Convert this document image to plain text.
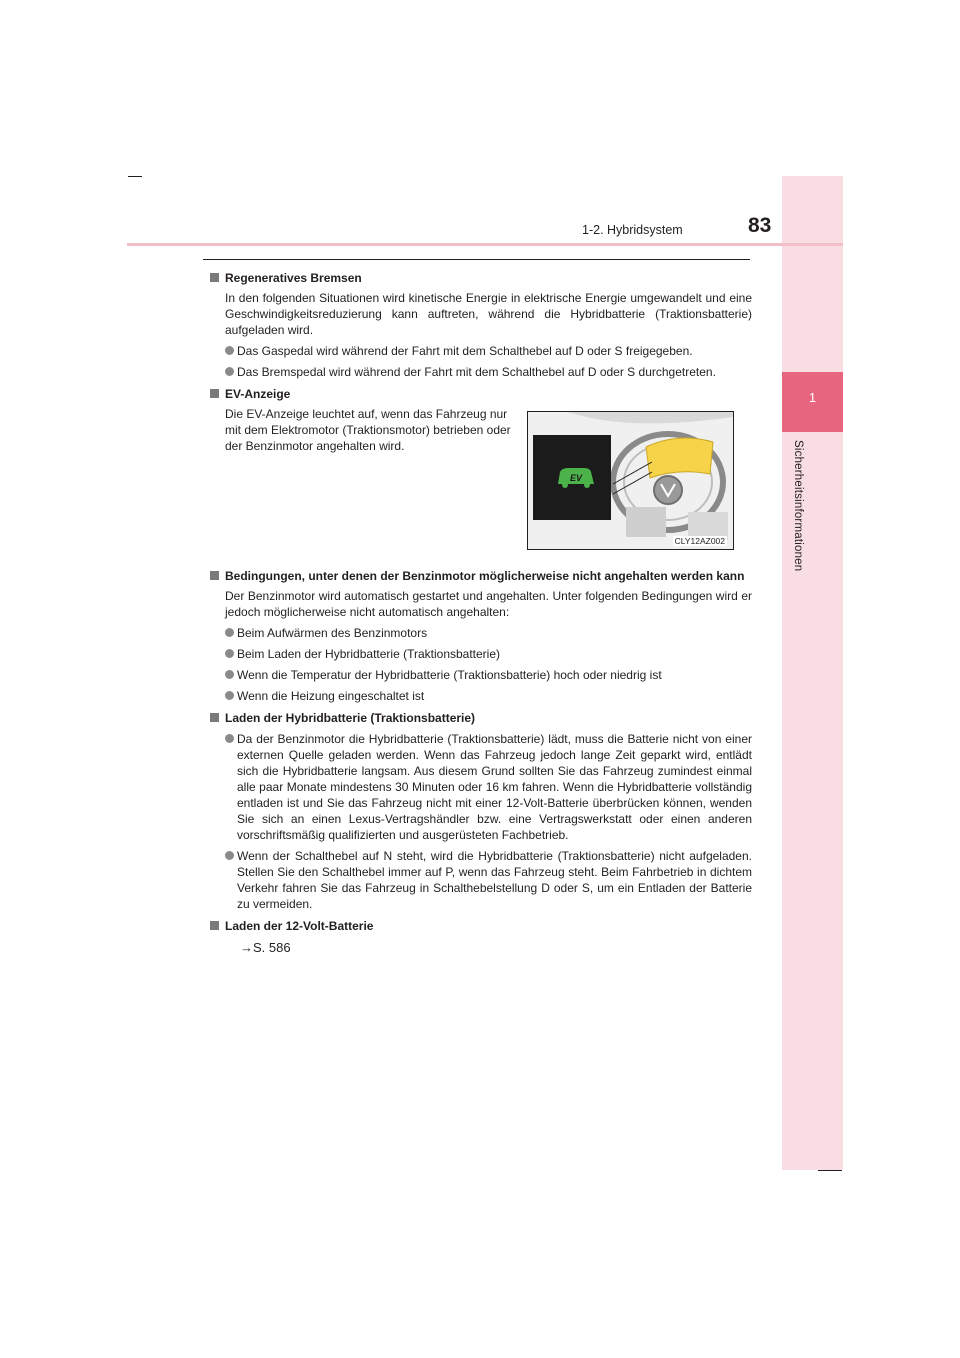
1
Sicherheitsinformationen
1-2. Hybridsystem	83
EV
CLY12AZ002
Regeneratives Bremsen
In den folgenden Situationen wird kinetische Energie in elektrische Energie umgewandelt und eine Geschwindigkeitsreduzierung kann auftreten, während die Hybridbatterie (Traktionsbatterie) aufgeladen wird.
Das Gaspedal wird während der Fahrt mit dem Schalthebel auf D oder S freigegeben.
Das Bremspedal wird während der Fahrt mit dem Schalthebel auf D oder S durchgetreten.
EV-Anzeige
Die EV-Anzeige leuchtet auf, wenn das Fahrzeug nur mit dem Elektromotor (Traktionsmotor) betrieben oder der Benzinmotor angehalten wird.
Bedingungen, unter denen der Benzinmotor möglicherweise nicht angehalten werden kann
Der Benzinmotor wird automatisch gestartet und angehalten. Unter folgenden Bedingungen wird er jedoch möglicherweise nicht automatisch angehalten:
Beim Aufwärmen des Benzinmotors
Beim Laden der Hybridbatterie (Traktionsbatterie)
Wenn die Temperatur der Hybridbatterie (Traktionsbatterie) hoch oder niedrig ist
Wenn die Heizung eingeschaltet ist
Laden der Hybridbatterie (Traktionsbatterie)
Da der Benzinmotor die Hybridbatterie (Traktionsbatterie) lädt, muss die Batterie nicht von einer externen Quelle geladen werden. Wenn das Fahrzeug jedoch lange Zeit geparkt wird, entlädt sich die Hybridbatterie langsam. Aus diesem Grund sollten Sie das Fahrzeug zumindest einmal alle paar Monate mindestens 30 Minuten oder 16 km fahren. Wenn die Hybridbatterie vollständig entladen ist und Sie das Fahrzeug nicht mit einer 12-Volt-Batterie überbrücken können, wenden Sie sich an einen Lexus-Vertragshändler bzw. eine Vertragswerkstatt oder einen anderen vorschriftsmäßig qualifizierten und ausgerüsteten Fachbetrieb.
Wenn der Schalthebel auf N steht, wird die Hybridbatterie (Traktionsbatterie) nicht aufgeladen. Stellen Sie den Schalthebel immer auf P, wenn das Fahrzeug steht. Beim Fahrbetrieb in dichtem Verkehr fahren Sie das Fahrzeug in Schalthebelstellung D oder S, um ein Entladen der Batterie zu vermeiden.
Laden der 12-Volt-Batterie
→S. 586
